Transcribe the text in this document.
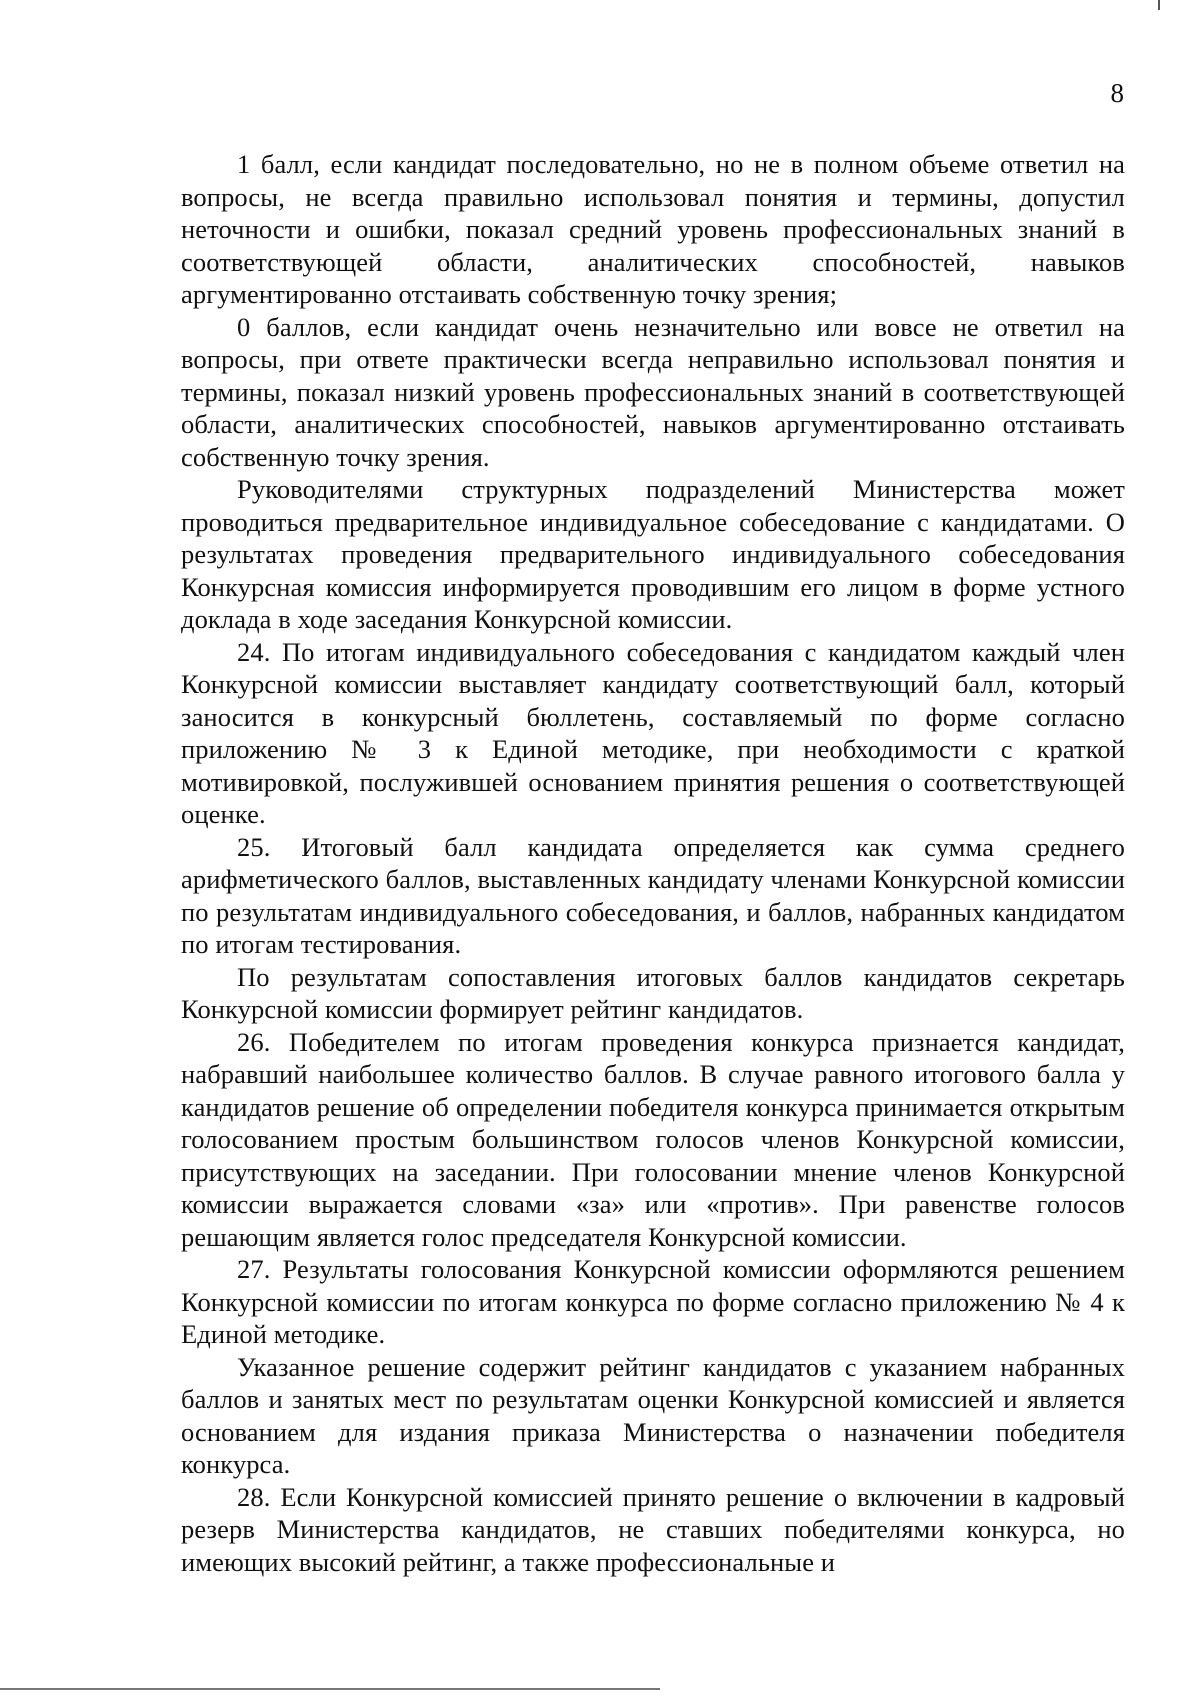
8

1 балл, если кандидат последовательно, но не в полном объеме ответил на вопросы, не всегда правильно использовал понятия и термины, допустил неточности и ошибки, показал средний уровень профессиональных знаний в соответствующей области, аналитических способностей, навыков аргументированно отстаивать собственную точку зрения;

0 баллов, если кандидат очень незначительно или вовсе не ответил на вопросы, при ответе практически всегда неправильно использовал понятия и термины, показал низкий уровень профессиональных знаний в соответствующей области, аналитических способностей, навыков аргументированно отстаивать собственную точку зрения.

Руководителями структурных подразделений Министерства может проводиться предварительное индивидуальное собеседование с кандидатами. О результатах проведения предварительного индивидуального собеседования Конкурсная комиссия информируется проводившим его лицом в форме устного доклада в ходе заседания Конкурсной комиссии.

24. По итогам индивидуального собеседования с кандидатом каждый член Конкурсной комиссии выставляет кандидату соответствующий балл, который заносится в конкурсный бюллетень, составляемый по форме согласно приложению № 3 к Единой методике, при необходимости с краткой мотивировкой, послужившей основанием принятия решения о соответствующей оценке.

25. Итоговый балл кандидата определяется как сумма среднего арифметического баллов, выставленных кандидату членами Конкурсной комиссии по результатам индивидуального собеседования, и баллов, набранных кандидатом по итогам тестирования.

По результатам сопоставления итоговых баллов кандидатов секретарь Конкурсной комиссии формирует рейтинг кандидатов.

26. Победителем по итогам проведения конкурса признается кандидат, набравший наибольшее количество баллов. В случае равного итогового балла у кандидатов решение об определении победителя конкурса принимается открытым голосованием простым большинством голосов членов Конкурсной комиссии, присутствующих на заседании. При голосовании мнение членов Конкурсной комиссии выражается словами «за» или «против». При равенстве голосов решающим является голос председателя Конкурсной комиссии.

27. Результаты голосования Конкурсной комиссии оформляются решением Конкурсной комиссии по итогам конкурса по форме согласно приложению № 4 к Единой методике.

Указанное решение содержит рейтинг кандидатов с указанием набранных баллов и занятых мест по результатам оценки Конкурсной комиссией и является основанием для издания приказа Министерства о назначении победителя конкурса.

28. Если Конкурсной комиссией принято решение о включении в кадровый резерв Министерства кандидатов, не ставших победителями конкурса, но имеющих высокий рейтинг, а также профессиональные и
